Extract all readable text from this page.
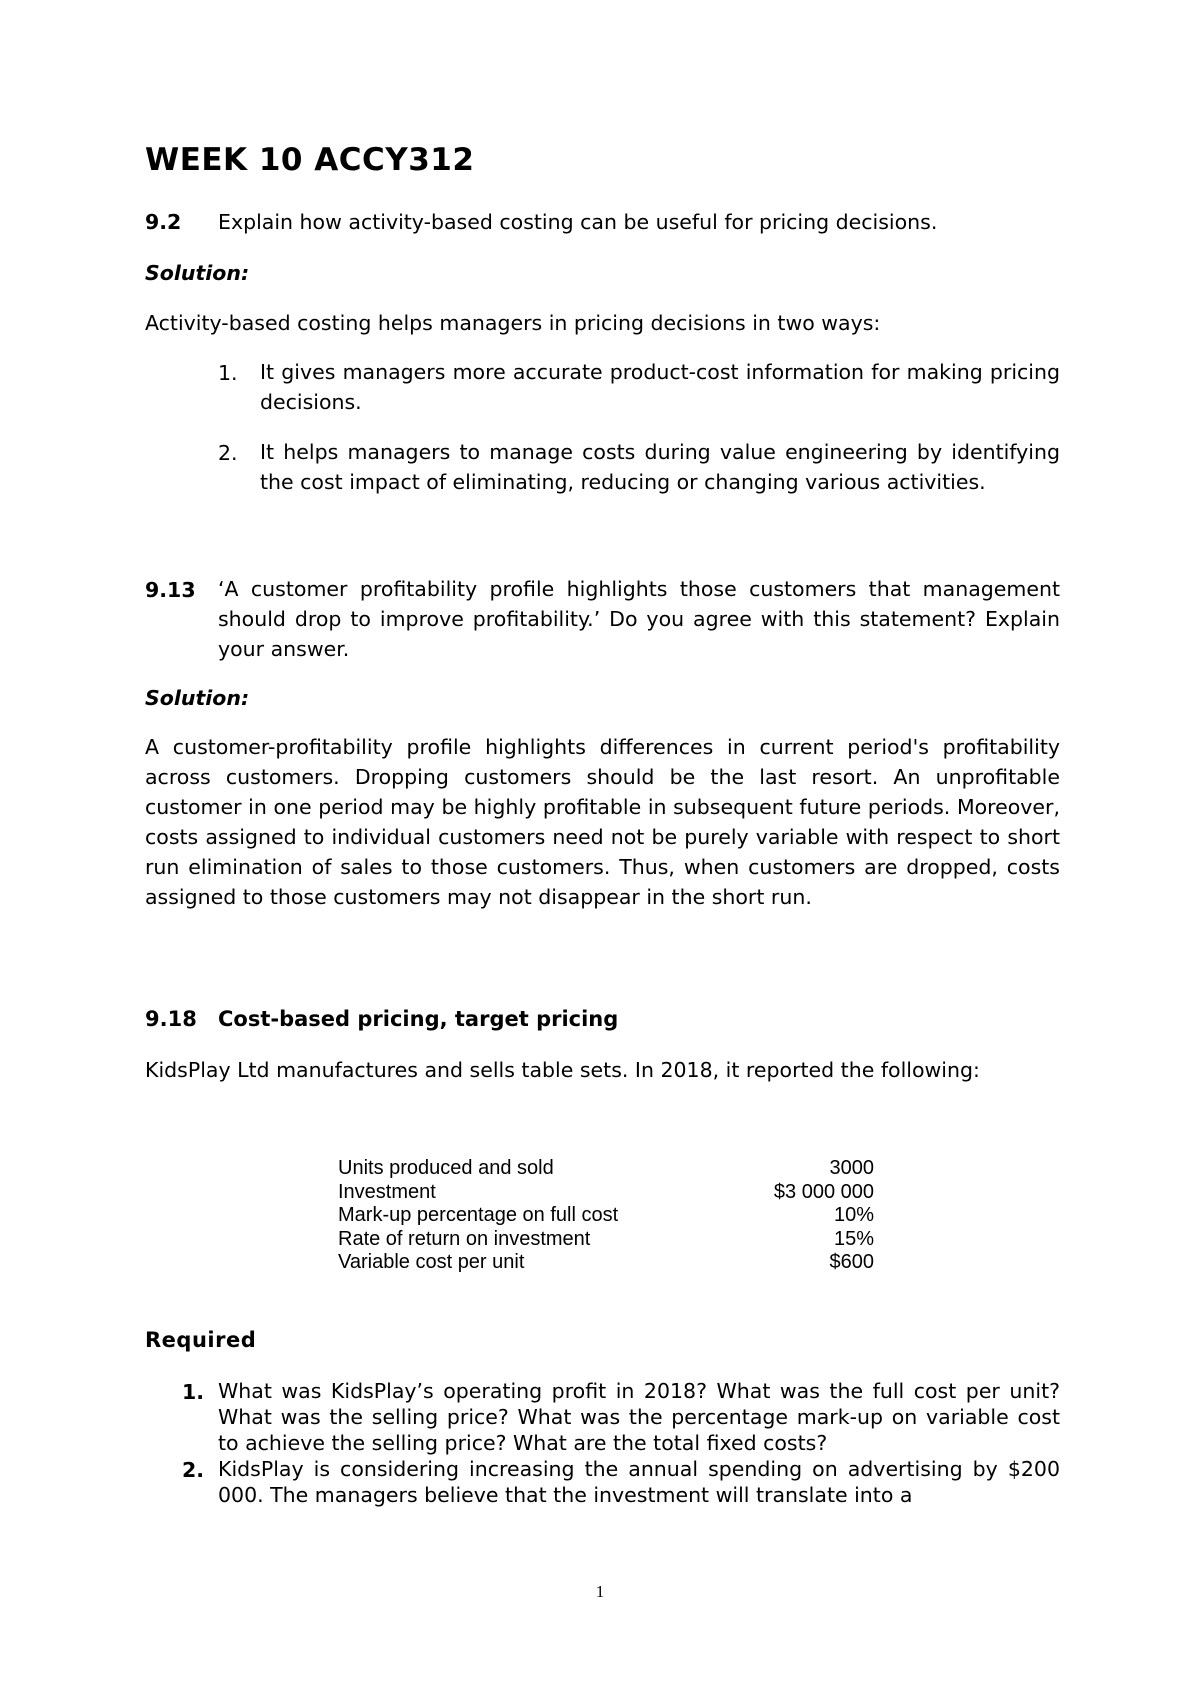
WEEK 10 ACCY312
9.2 Explain how activity-based costing can be useful for pricing decisions.
Solution:
Activity-based costing helps managers in pricing decisions in two ways:
1. It gives managers more accurate product-cost information for making pricing decisions.
2. It helps managers to manage costs during value engineering by identifying the cost impact of eliminating, reducing or changing various activities.
9.13 ‘A customer profitability profile highlights those customers that management should drop to improve profitability.’ Do you agree with this statement? Explain your answer.
Solution:
A customer-profitability profile highlights differences in current period's profitability across customers. Dropping customers should be the last resort. An unprofitable customer in one period may be highly profitable in subsequent future periods. Moreover, costs assigned to individual customers need not be purely variable with respect to short run elimination of sales to those customers. Thus, when customers are dropped, costs assigned to those customers may not disappear in the short run.
9.18 Cost-based pricing, target pricing
KidsPlay Ltd manufactures and sells table sets. In 2018, it reported the following:
Units produced and sold	3000
Investment	$3 000 000
Mark-up percentage on full cost	10%
Rate of return on investment	15%
Variable cost per unit	$600
Required
1. What was KidsPlay’s operating profit in 2018? What was the full cost per unit? What was the selling price? What was the percentage mark-up on variable cost to achieve the selling price? What are the total fixed costs?
2. KidsPlay is considering increasing the annual spending on advertising by $200 000. The managers believe that the investment will translate into a
1
